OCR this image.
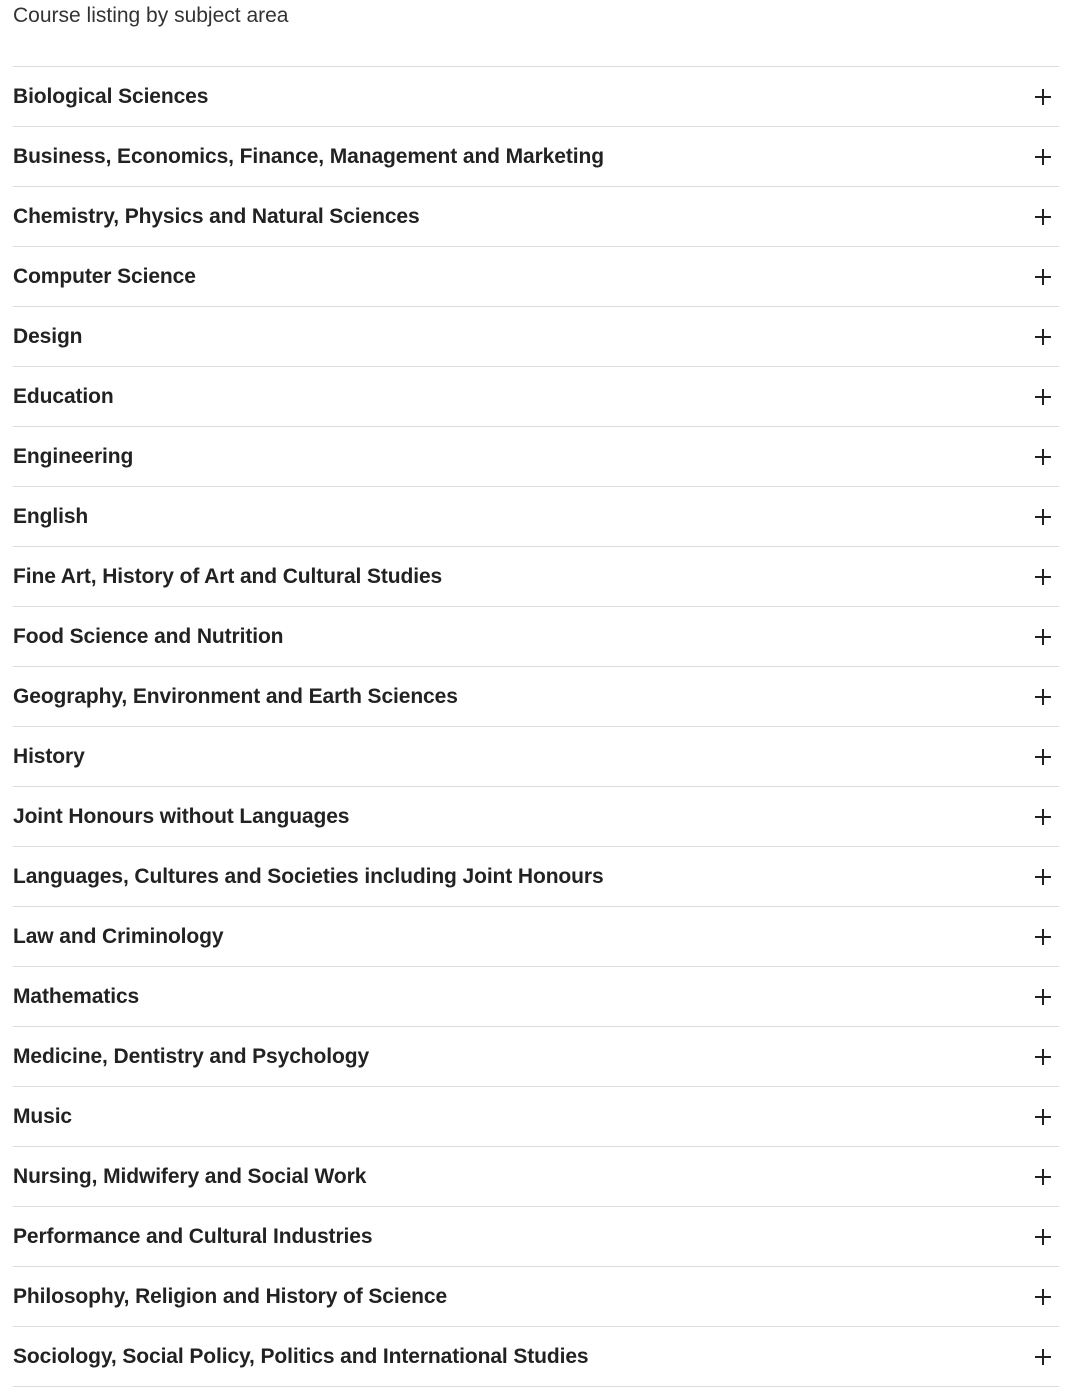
Course listing by subject area

Biological Sciences
Business, Economics, Finance, Management and Marketing
Chemistry, Physics and Natural Sciences
Computer Science
Design
Education
Engineering
English
Fine Art, History of Art and Cultural Studies
Food Science and Nutrition
Geography, Environment and Earth Sciences
History
Joint Honours without Languages
Languages, Cultures and Societies including Joint Honours
Law and Criminology
Mathematics
Medicine, Dentistry and Psychology
Music
Nursing, Midwifery and Social Work
Performance and Cultural Industries
Philosophy, Religion and History of Science
Sociology, Social Policy, Politics and International Studies
